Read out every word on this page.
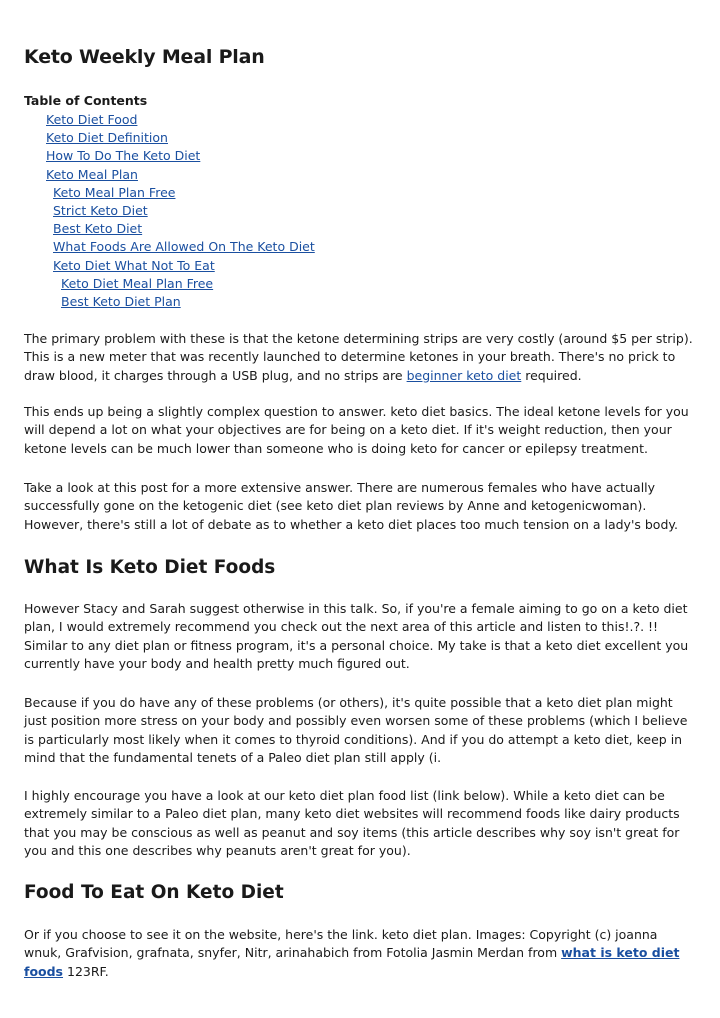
Keto Weekly Meal Plan
Table of Contents
Keto Diet Food
Keto Diet Definition
How To Do The Keto Diet
Keto Meal Plan
Keto Meal Plan Free
Strict Keto Diet
Best Keto Diet
What Foods Are Allowed On The Keto Diet
Keto Diet What Not To Eat
Keto Diet Meal Plan Free
Best Keto Diet Plan

The primary problem with these is that the ketone determining strips are very costly (around $5 per strip). This is a new meter that was recently launched to determine ketones in your breath. There's no prick to draw blood, it charges through a USB plug, and no strips are beginner keto diet required.

This ends up being a slightly complex question to answer. keto diet basics. The ideal ketone levels for you will depend a lot on what your objectives are for being on a keto diet. If it's weight reduction, then your ketone levels can be much lower than someone who is doing keto for cancer or epilepsy treatment.

Take a look at this post for a more extensive answer. There are numerous females who have actually successfully gone on the ketogenic diet (see keto diet plan reviews by Anne and ketogenicwoman). However, there's still a lot of debate as to whether a keto diet places too much tension on a lady's body.

What Is Keto Diet Foods

However Stacy and Sarah suggest otherwise in this talk. So, if you're a female aiming to go on a keto diet plan, I would extremely recommend you check out the next area of this article and listen to this!.?. !! Similar to any diet plan or fitness program, it's a personal choice. My take is that a keto diet excellent you currently have your body and health pretty much figured out.

Because if you do have any of these problems (or others), it's quite possible that a keto diet plan might just position more stress on your body and possibly even worsen some of these problems (which I believe is particularly most likely when it comes to thyroid conditions). And if you do attempt a keto diet, keep in mind that the fundamental tenets of a Paleo diet plan still apply (i.

I highly encourage you have a look at our keto diet plan food list (link below). While a keto diet can be extremely similar to a Paleo diet plan, many keto diet websites will recommend foods like dairy products that you may be conscious as well as peanut and soy items (this article describes why soy isn't great for you and this one describes why peanuts aren't great for you).

Food To Eat On Keto Diet

Or if you choose to see it on the website, here's the link. keto diet plan. Images: Copyright (c) joanna wnuk, Grafvision, grafnata, snyfer, Nitr, arinahabich from Fotolia Jasmin Merdan from what is keto diet foods 123RF.
